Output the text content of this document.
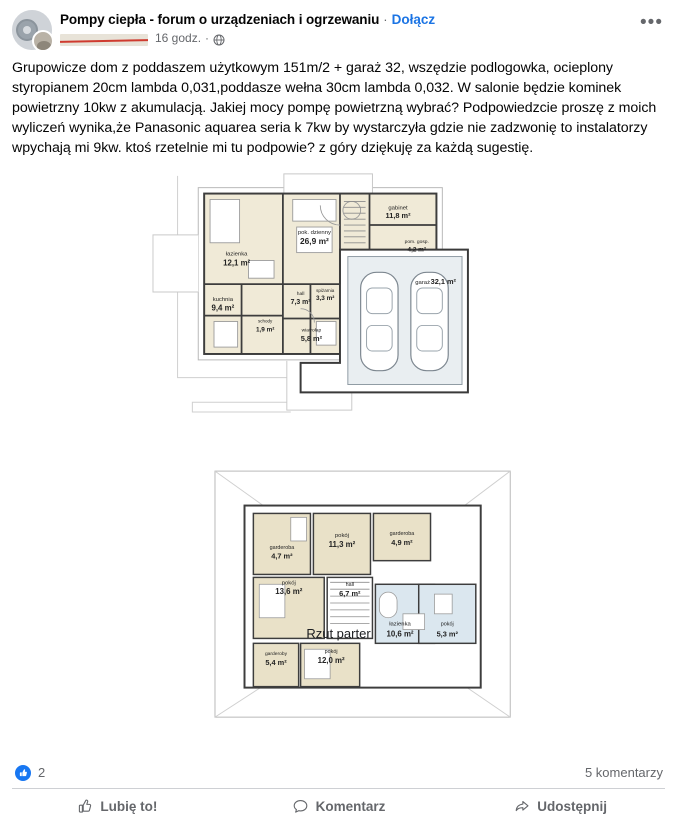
Pompy ciepła - forum o urządzeniach i ogrzewaniu · Dołącz
16 godz. ·
•••
Grupowicze dom z poddaszem użytkowym 151m/2 + garaż 32, wszędzie podlogowka, ocieplony styropianem 20cm lambda 0,031,poddasze wełna 30cm lambda 0,032. W salonie będzie kominek powietrzny 10kw z akumulacją. Jakiej mocy pompę powietrzną wybrać? Podpowiedzcie proszę z moich wyliczeń wynika,że Panasonic aquarea seria k 7kw by wystarczyła gdzie nie zadzwonię to instalatorzy wpychają mi 9kw. ktoś rzetelnie mi tu podpowie? z góry dziękuję za każdą sugestię.
gabinet
11,8 m²
pok. dzienny
26,9 m²	pom. gosp.
4,2 m²
łazienka
12,1 m²
garaż 32,1 m²
hall
7,3 m²
spiżarnia
3,3 m²
kuchnia
9,4 m²
schody
1,9 m²	wiatrołap
5,8 m²
pokój
11,3 m²
garderoba
4,9 m²
garderoba
4,7 m²
pokój
13,6 m²
hall
6,7 m²
łazienka
10,6 m²
pokój
5,3 m²
pokój
12,0 m²
garderoby
5,4 m²
Rzut parter
2	5 komentarzy
Lubię to!	Komentarz	Udostępnij
